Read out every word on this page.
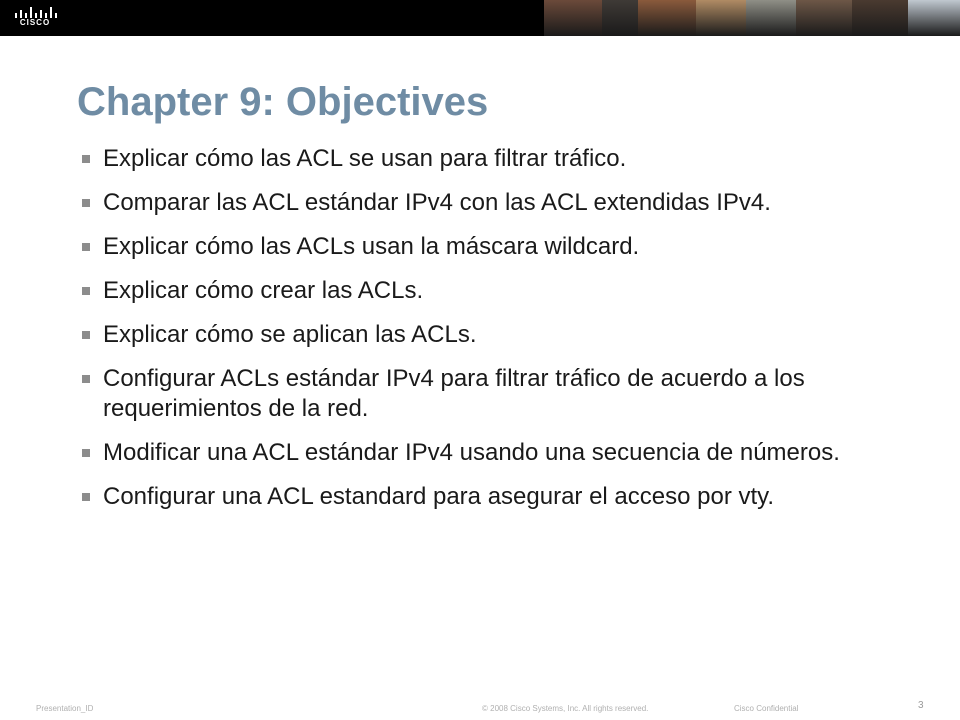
CISCO
Chapter 9: Objectives
Explicar cómo las ACL se usan para filtrar tráfico.
Comparar las ACL estándar IPv4 con las ACL extendidas IPv4.
Explicar cómo las ACLs usan la máscara wildcard.
Explicar cómo crear las ACLs.
Explicar cómo se aplican las ACLs.
Configurar ACLs estándar IPv4 para filtrar tráfico de acuerdo a los requerimientos de la red.
Modificar una ACL estándar IPv4 usando una secuencia de números.
Configurar una ACL estandard para asegurar el acceso por vty.
Presentation_ID	© 2008 Cisco Systems, Inc. All rights reserved.	Cisco Confidential	3
